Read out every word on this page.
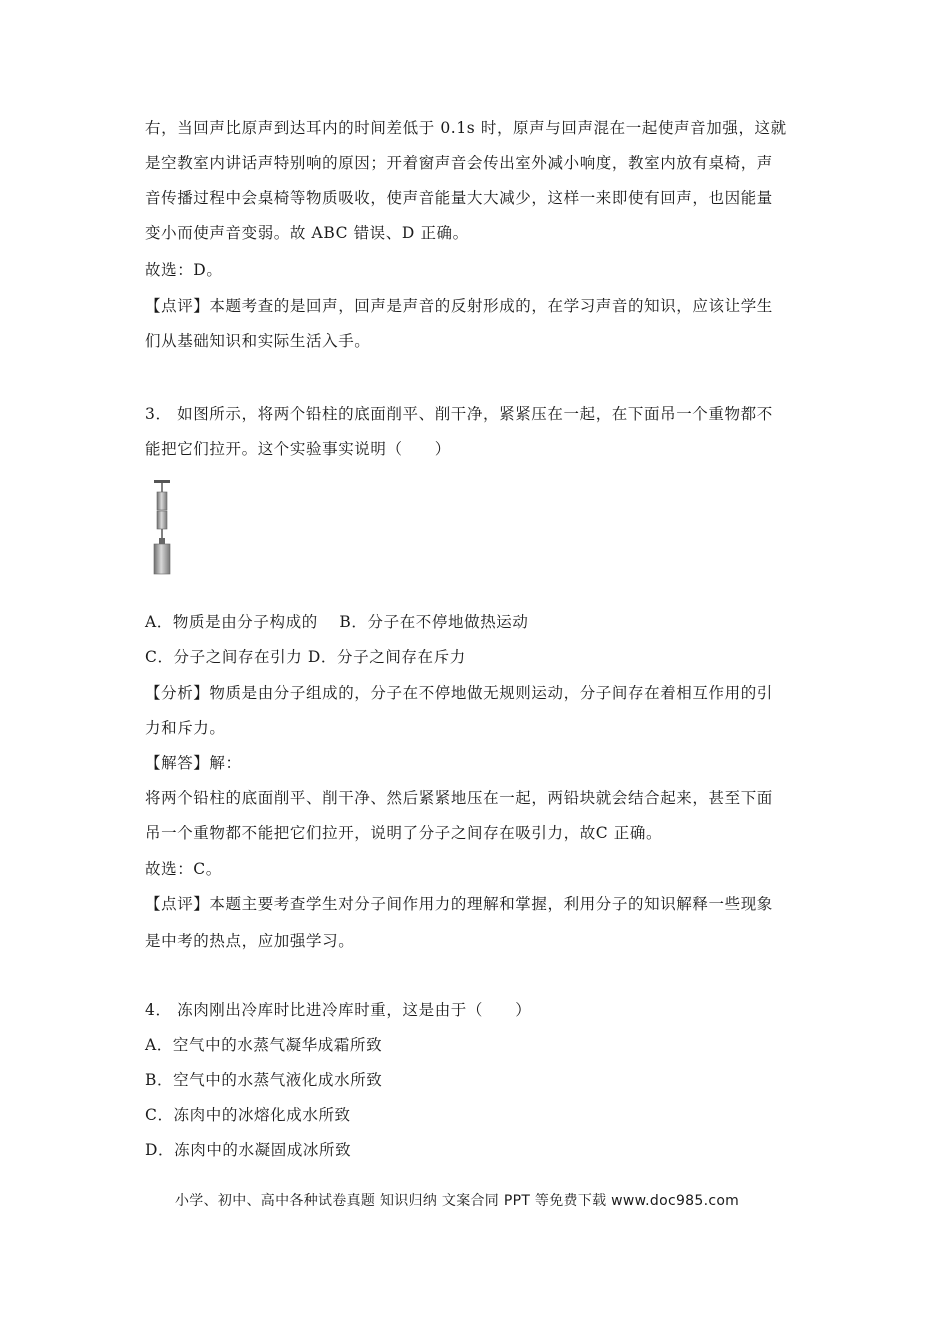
右，当回声比原声到达耳内的时间差低于 0.1s 时，原声与回声混在一起使声音加强，这就
是空教室内讲话声特别响的原因；开着窗声音会传出室外减小响度，教室内放有桌椅，声
音传播过程中会桌椅等物质吸收，使声音能量大大减少，这样一来即使有回声，也因能量
变小而使声音变弱。故 ABC 错误、D 正确。
故选：D。
【点评】本题考查的是回声，回声是声音的反射形成的，在学习声音的知识，应该让学生
们从基础知识和实际生活入手。
3． 如图所示，将两个铅柱的底面削平、削干净，紧紧压在一起，在下面吊一个重物都不
能把它们拉开。这个实验事实说明（　　）
A．物质是由分子构成的　 B．分子在不停地做热运动
C．分子之间存在引力 D．分子之间存在斥力
【分析】物质是由分子组成的，分子在不停地做无规则运动，分子间存在着相互作用的引
力和斥力。
【解答】解：
将两个铅柱的底面削平、削干净、然后紧紧地压在一起，两铅块就会结合起来，甚至下面
吊一个重物都不能把它们拉开，说明了分子之间存在吸引力，故C 正确。
故选：C。
【点评】本题主要考查学生对分子间作用力的理解和掌握，利用分子的知识解释一些现象
是中考的热点，应加强学习。
4． 冻肉刚出冷库时比进冷库时重，这是由于（　　）
A．空气中的水蒸气凝华成霜所致
B．空气中的水蒸气液化成水所致
C．冻肉中的冰熔化成水所致
D．冻肉中的水凝固成冰所致
小学、初中、高中各种试卷真题 知识归纳 文案合同 PPT 等免费下载 www.doc985.com
